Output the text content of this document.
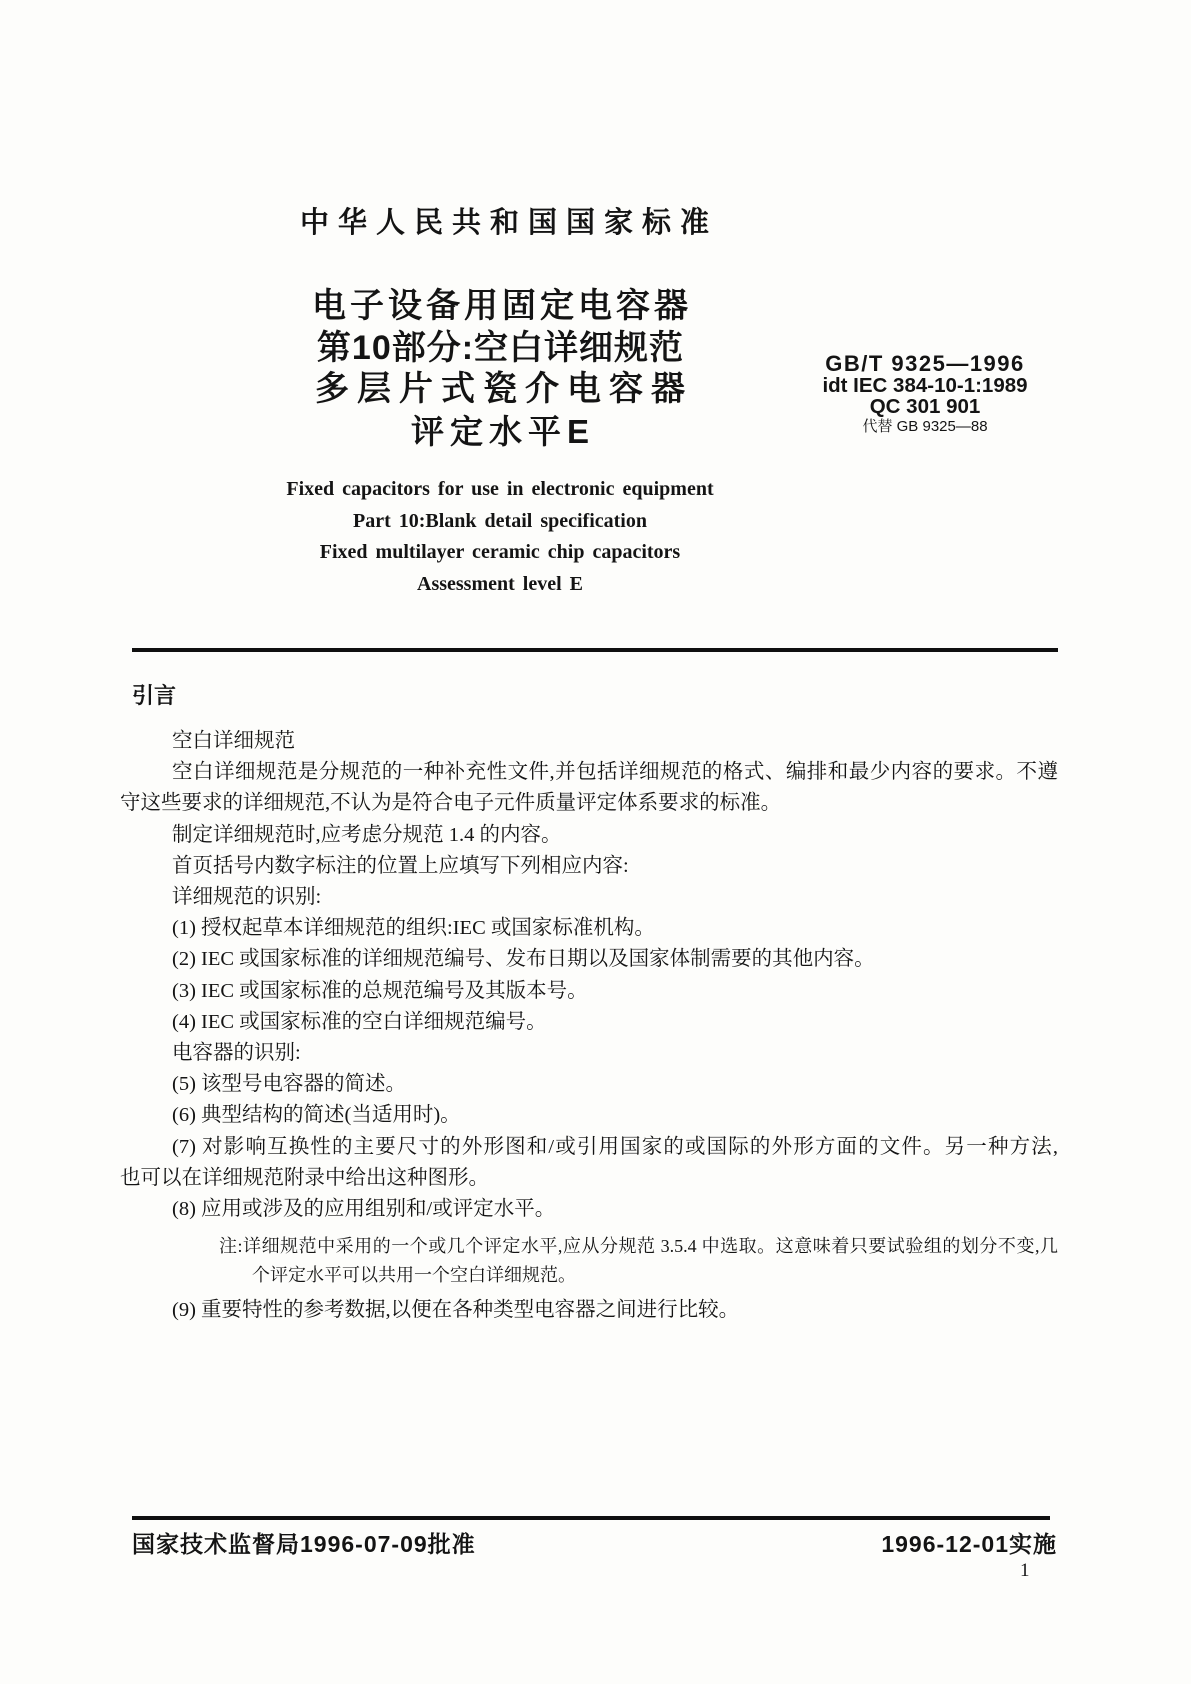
中华人民共和国国家标准
电子设备用固定电容器
第10部分:空白详细规范
多层片式瓷介电容器
评定水平E
GB/T 9325—1996
idt IEC 384-10-1:1989
QC 301 901
代替 GB 9325—88
Fixed capacitors for use in electronic equipment
Part 10:Blank detail specification
Fixed multilayer ceramic chip capacitors
Assessment level E
引言
空白详细规范
空白详细规范是分规范的一种补充性文件,并包括详细规范的格式、编排和最少内容的要求。不遵
守这些要求的详细规范,不认为是符合电子元件质量评定体系要求的标准。
制定详细规范时,应考虑分规范 1.4 的内容。
首页括号内数字标注的位置上应填写下列相应内容:
详细规范的识别:
(1) 授权起草本详细规范的组织:IEC 或国家标准机构。
(2) IEC 或国家标准的详细规范编号、发布日期以及国家体制需要的其他内容。
(3) IEC 或国家标准的总规范编号及其版本号。
(4) IEC 或国家标准的空白详细规范编号。
电容器的识别:
(5) 该型号电容器的简述。
(6) 典型结构的简述(当适用时)。
(7) 对影响互换性的主要尺寸的外形图和/或引用国家的或国际的外形方面的文件。另一种方法,
也可以在详细规范附录中给出这种图形。
(8) 应用或涉及的应用组别和/或评定水平。
注:详细规范中采用的一个或几个评定水平,应从分规范 3.5.4 中选取。这意味着只要试验组的划分不变,几
个评定水平可以共用一个空白详细规范。
(9) 重要特性的参考数据,以便在各种类型电容器之间进行比较。
国家技术监督局1996-07-09批准	1996-12-01实施
1
